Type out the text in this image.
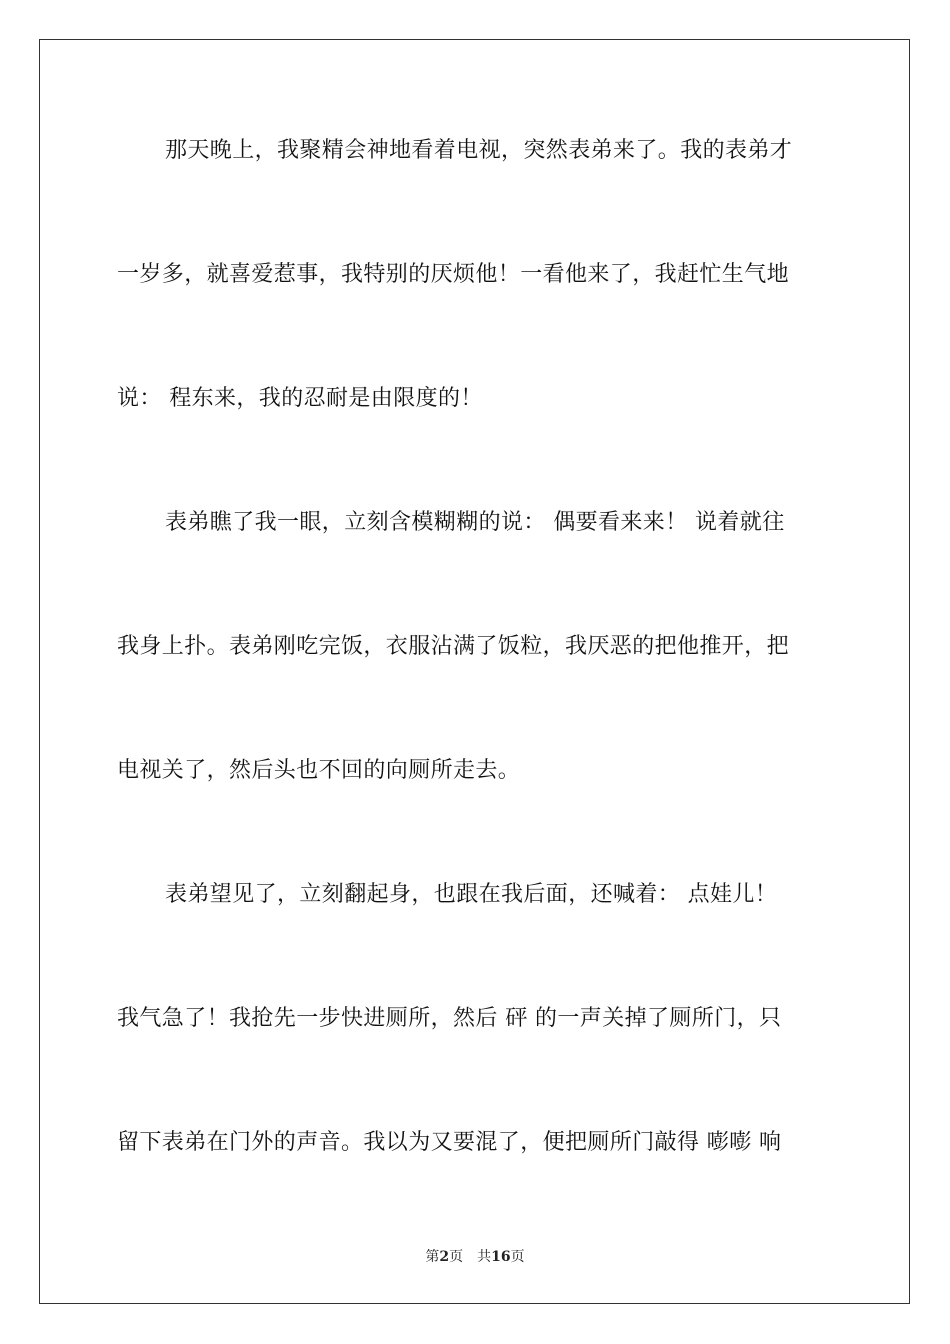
那天晚上，我聚精会神地看着电视，突然表弟来了。我的表弟才
一岁多，就喜爱惹事，我特别的厌烦他！一看他来了，我赶忙生气地
说： 程东来，我的忍耐是由限度的！
表弟瞧了我一眼，立刻含模糊糊的说： 偶要看来来！ 说着就往
我身上扑。表弟刚吃完饭，衣服沾满了饭粒，我厌恶的把他推开，把
电视关了，然后头也不回的向厕所走去。
表弟望见了，立刻翻起身，也跟在我后面，还喊着： 点娃儿！
我气急了！我抢先一步快进厕所，然后 砰 的一声关掉了厕所门，只
留下表弟在门外的声音。我以为又要混了，便把厕所门敲得 嘭嘭 响
第2页 共16页
